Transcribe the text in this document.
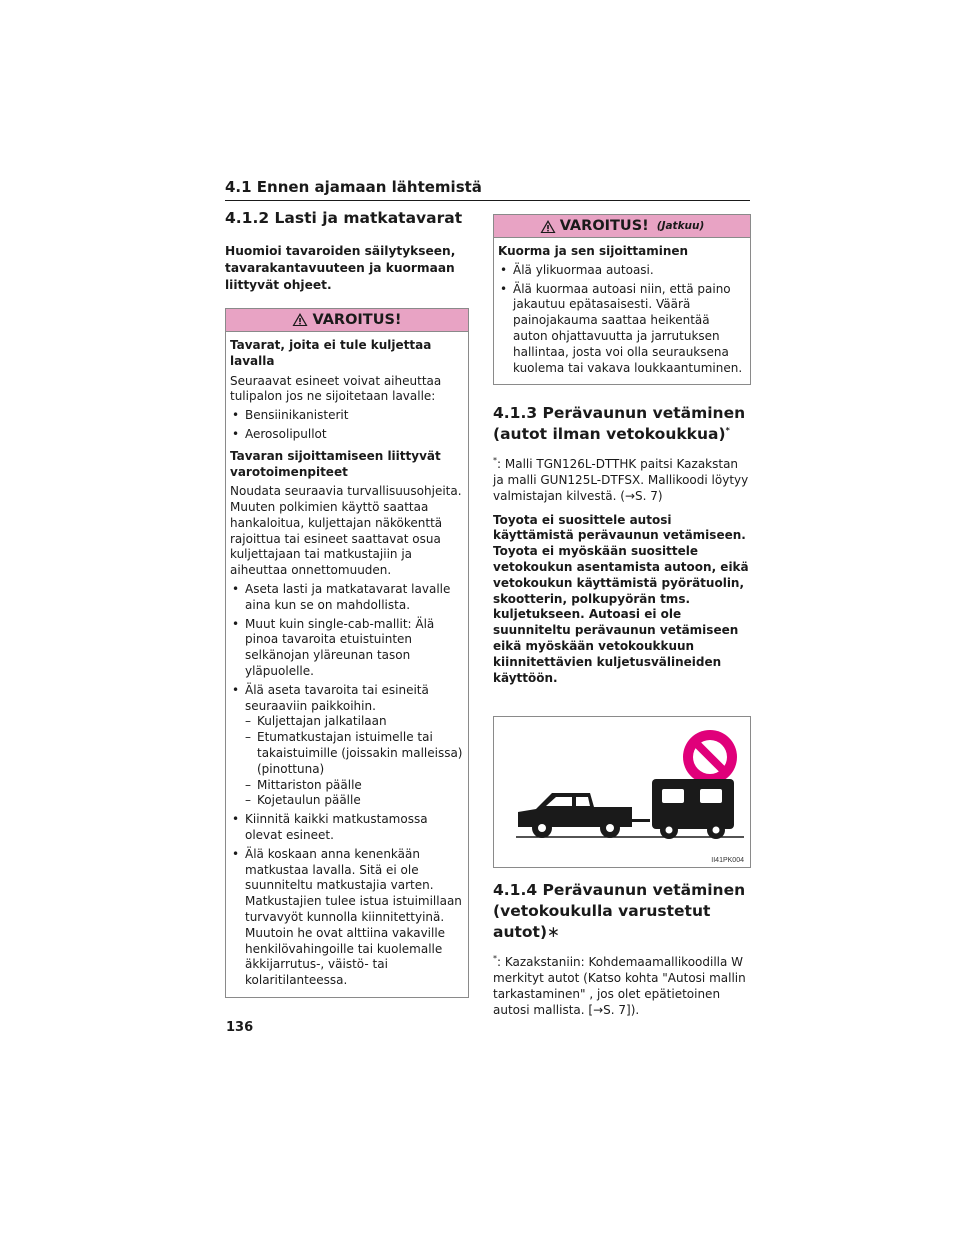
4.1 Ennen ajamaan lähtemistä
4.1.2 Lasti ja matkatavarat

Huomioi tavaroiden säilytykseen, tavarakantavuuteen ja kuormaan liittyvät ohjeet.

VAROITUS!
Tavarat, joita ei tule kuljettaa lavalla

Seuraavat esineet voivat aiheuttaa tulipalon jos ne sijoitetaan lavalle:

• Bensiinikanisterit
• Aerosolipullot
Tavaran sijoittamiseen liittyvät varotoimenpiteet

Noudata seuraavia turvallisuusohjeita. Muuten polkimien käyttö saattaa hankaloitua, kuljettajan näkökenttä rajoittua tai esineet saattavat osua kuljettajaan tai matkustajiin ja aiheuttaa onnettomuuden.

• Aseta lasti ja matkatavarat lavalle aina kun se on mahdollista.
• Muut kuin single-cab-mallit: Älä pinoa tavaroita etuistuinten selkänojan yläreunan tason yläpuolelle.
• Älä aseta tavaroita tai esineitä seuraaviin paikkoihin.
– Kuljettajan jalkatilaan
– Etumatkustajan istuimelle tai takaistuimille (joissakin malleissa) (pinottuna)
– Mittariston päälle
– Kojetaulun päälle
• Kiinnitä kaikki matkustamossa olevat esineet.
• Älä koskaan anna kenenkään matkustaa lavalla. Sitä ei ole suunniteltu matkustajia varten. Matkustajien tulee istua istuimillaan turvavyöt kunnolla kiinnitettyinä. Muutoin he ovat alttiina vakaville henkilövahingoille tai kuolemalle äkkijarrutus-, väistö- tai kolaritilanteessa.
VAROITUS! (Jatkuu)
Kuorma ja sen sijoittaminen
• Älä ylikuormaa autoasi.
• Älä kuormaa autoasi niin, että paino jakautuu epätasaisesti. Väärä painojakauma saattaa heikentää auton ohjattavuutta ja jarrutuksen hallintaa, josta voi olla seurauksena kuolema tai vakava loukkaantuminen.
4.1.3 Perävaunun vetäminen
(autot ilman vetokoukkua)*

*: Malli TGN126L-DTTHK paitsi Kazakstan ja malli GUN125L-DTFSX. Mallikoodi löytyy valmistajan kilvestä. (→S. 7)

Toyota ei suosittele autosi käyttämistä perävaunun vetämiseen. Toyota ei myöskään suosittele vetokoukun asentamista autoon, eikä vetokoukun käyttämistä pyörätuolin, skootterin, polkupyörän tms. kuljetukseen. Autoasi ei ole suunniteltu perävaunun vetämiseen eikä myöskään vetokoukkuun kiinnitettävien kuljetusvälineiden käyttöön.

II41PK004
4.1.4 Perävaunun vetäminen
(vetokoukulla varustetut autot)∗

*: Kazakstaniin: Kohdemaamallikoodilla W merkityt autot (Katso kohta "Autosi mallin tarkastaminen" , jos olet epätietoinen autosi mallista. [→S. 7]).

136
